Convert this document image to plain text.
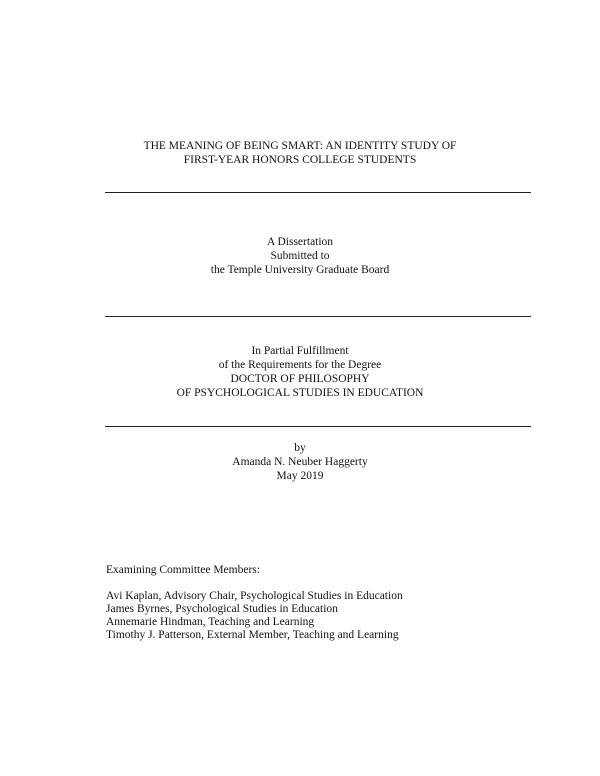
THE MEANING OF BEING SMART: AN IDENTITY STUDY OF
FIRST-YEAR HONORS COLLEGE STUDENTS
A Dissertation
Submitted to
the Temple University Graduate Board
In Partial Fulfillment
of the Requirements for the Degree
DOCTOR OF PHILOSOPHY
OF PSYCHOLOGICAL STUDIES IN EDUCATION
by
Amanda N. Neuber Haggerty
May 2019
Examining Committee Members:
Avi Kaplan, Advisory Chair, Psychological Studies in Education
James Byrnes, Psychological Studies in Education
Annemarie Hindman, Teaching and Learning
Timothy J. Patterson, External Member, Teaching and Learning
